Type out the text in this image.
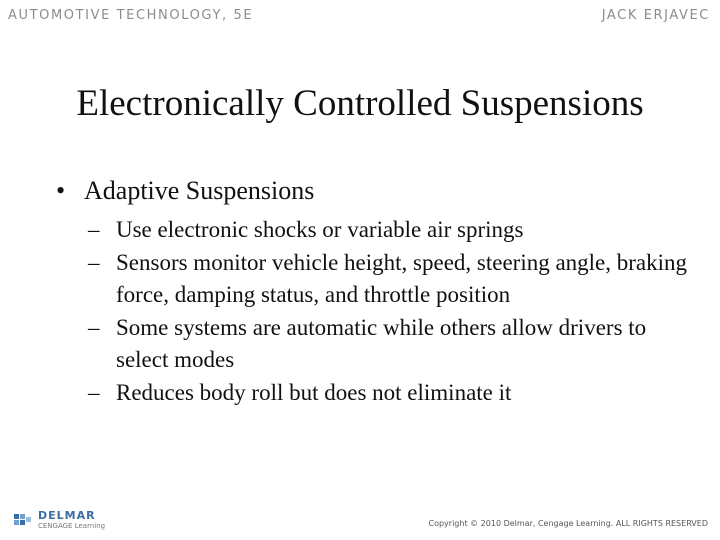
AUTOMOTIVE TECHNOLOGY, 5E	JACK ERJAVEC
Electronically Controlled Suspensions
• Adaptive Suspensions
– Use electronic shocks or variable air springs
– Sensors monitor vehicle height, speed, steering angle, braking force, damping status, and throttle position
– Some systems are automatic while others allow drivers to select modes
– Reduces body roll but does not eliminate it
DELMAR
CENGAGE Learning	Copyright © 2010 Delmar, Cengage Learning. ALL RIGHTS RESERVED
